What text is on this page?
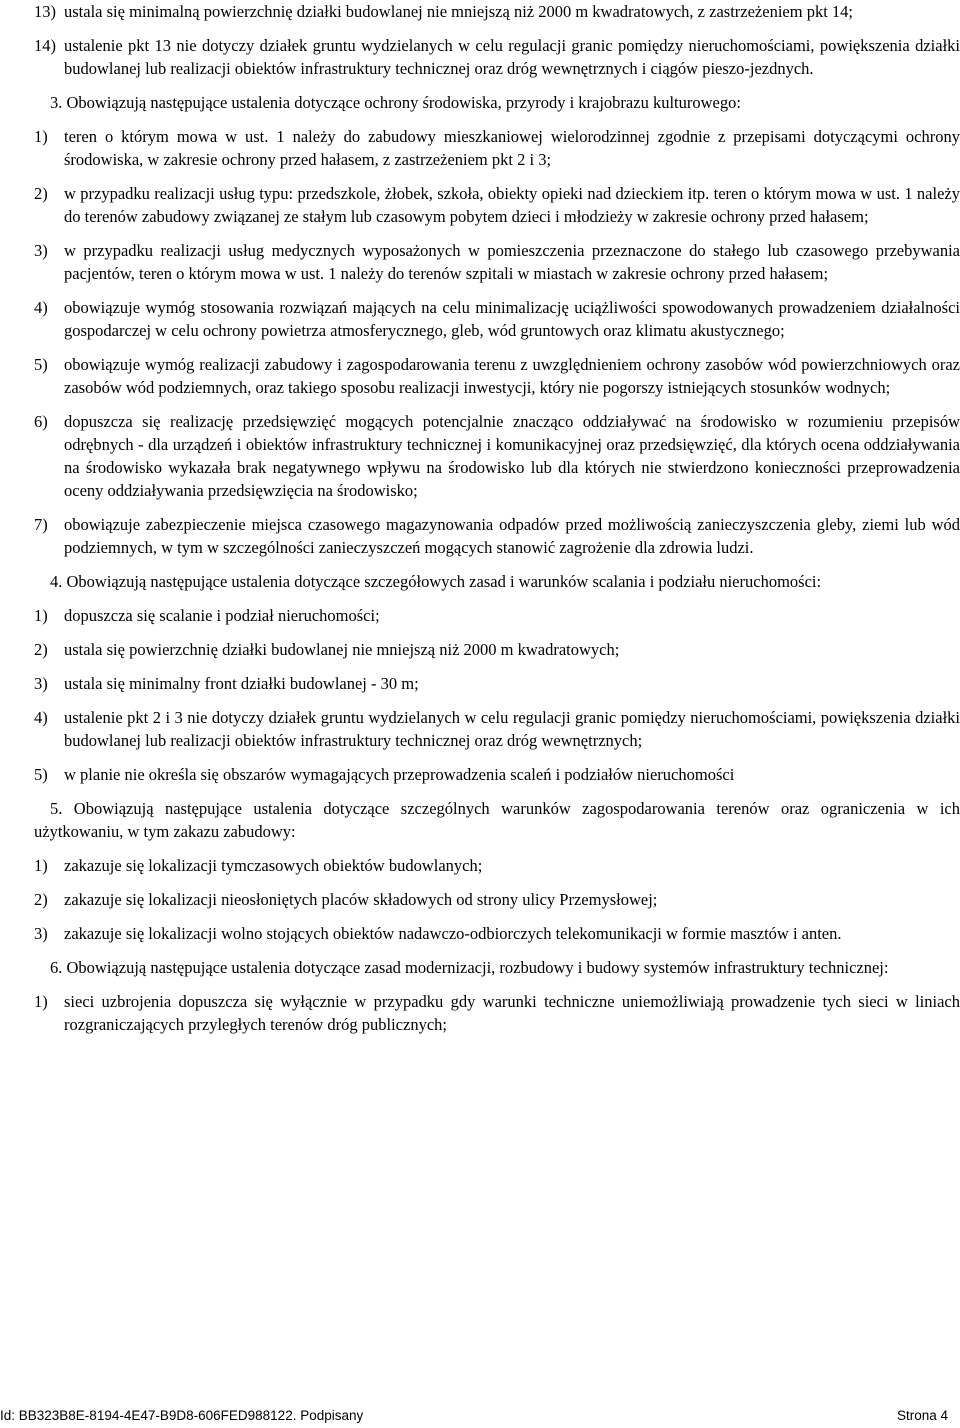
13) ustala się minimalną powierzchnię działki budowlanej nie mniejszą niż 2000 m kwadratowych, z zastrzeżeniem pkt 14;
14) ustalenie pkt 13 nie dotyczy działek gruntu wydzielanych w celu regulacji granic pomiędzy nieruchomościami, powiększenia działki budowlanej lub realizacji obiektów infrastruktury technicznej oraz dróg wewnętrznych i ciągów pieszo-jezdnych.
3. Obowiązują następujące ustalenia dotyczące ochrony środowiska, przyrody i krajobrazu kulturowego:
1) teren o którym mowa w ust. 1 należy do zabudowy mieszkaniowej wielorodzinnej zgodnie z przepisami dotyczącymi ochrony środowiska, w zakresie ochrony przed hałasem, z zastrzeżeniem pkt 2 i 3;
2) w przypadku realizacji usług typu: przedszkole, żłobek, szkoła, obiekty opieki nad dzieckiem itp. teren o którym mowa w ust. 1 należy do terenów zabudowy związanej ze stałym lub czasowym pobytem dzieci i młodzieży w zakresie ochrony przed hałasem;
3) w przypadku realizacji usług medycznych wyposażonych w pomieszczenia przeznaczone do stałego lub czasowego przebywania pacjentów, teren o którym mowa w ust. 1 należy do terenów szpitali w miastach w zakresie ochrony przed hałasem;
4) obowiązuje wymóg stosowania rozwiązań mających na celu minimalizację uciążliwości spowodowanych prowadzeniem działalności gospodarczej w celu ochrony powietrza atmosferycznego, gleb, wód gruntowych oraz klimatu akustycznego;
5) obowiązuje wymóg realizacji zabudowy i zagospodarowania terenu z uwzględnieniem ochrony zasobów wód powierzchniowych oraz zasobów wód podziemnych, oraz takiego sposobu realizacji inwestycji, który nie pogorszy istniejących stosunków wodnych;
6) dopuszcza się realizację przedsięwzięć mogących potencjalnie znacząco oddziaływać na środowisko w rozumieniu przepisów odrębnych - dla urządzeń i obiektów infrastruktury technicznej i komunikacyjnej oraz przedsięwzięć, dla których ocena oddziaływania na środowisko wykazała brak negatywnego wpływu na środowisko lub dla których nie stwierdzono konieczności przeprowadzenia oceny oddziaływania przedsięwzięcia na środowisko;
7) obowiązuje zabezpieczenie miejsca czasowego magazynowania odpadów przed możliwością zanieczyszczenia gleby, ziemi lub wód podziemnych, w tym w szczególności zanieczyszczeń mogących stanowić zagrożenie dla zdrowia ludzi.
4. Obowiązują następujące ustalenia dotyczące szczegółowych zasad i warunków scalania i podziału nieruchomości:
1) dopuszcza się scalanie i podział nieruchomości;
2) ustala się powierzchnię działki budowlanej nie mniejszą niż 2000 m kwadratowych;
3) ustala się minimalny front działki budowlanej - 30 m;
4) ustalenie pkt 2 i 3 nie dotyczy działek gruntu wydzielanych w celu regulacji granic pomiędzy nieruchomościami, powiększenia działki budowlanej lub realizacji obiektów infrastruktury technicznej oraz dróg wewnętrznych;
5) w planie nie określa się obszarów wymagających przeprowadzenia scaleń i podziałów nieruchomości
5. Obowiązują następujące ustalenia dotyczące szczególnych warunków zagospodarowania terenów oraz ograniczenia w ich użytkowaniu, w tym zakazu zabudowy:
1) zakazuje się lokalizacji tymczasowych obiektów budowlanych;
2) zakazuje się lokalizacji nieosłoniętych placów składowych od strony ulicy Przemysłowej;
3) zakazuje się lokalizacji wolno stojących obiektów nadawczo-odbiorczych telekomunikacji w formie masztów i anten.
6. Obowiązują następujące ustalenia dotyczące zasad modernizacji, rozbudowy i budowy systemów infrastruktury technicznej:
1) sieci uzbrojenia dopuszcza się wyłącznie w przypadku gdy warunki techniczne uniemożliwiają prowadzenie tych sieci w liniach rozgraniczających przyległych terenów dróg publicznych;
Id: BB323B8E-8194-4E47-B9D8-606FED988122. Podpisany	Strona 4
